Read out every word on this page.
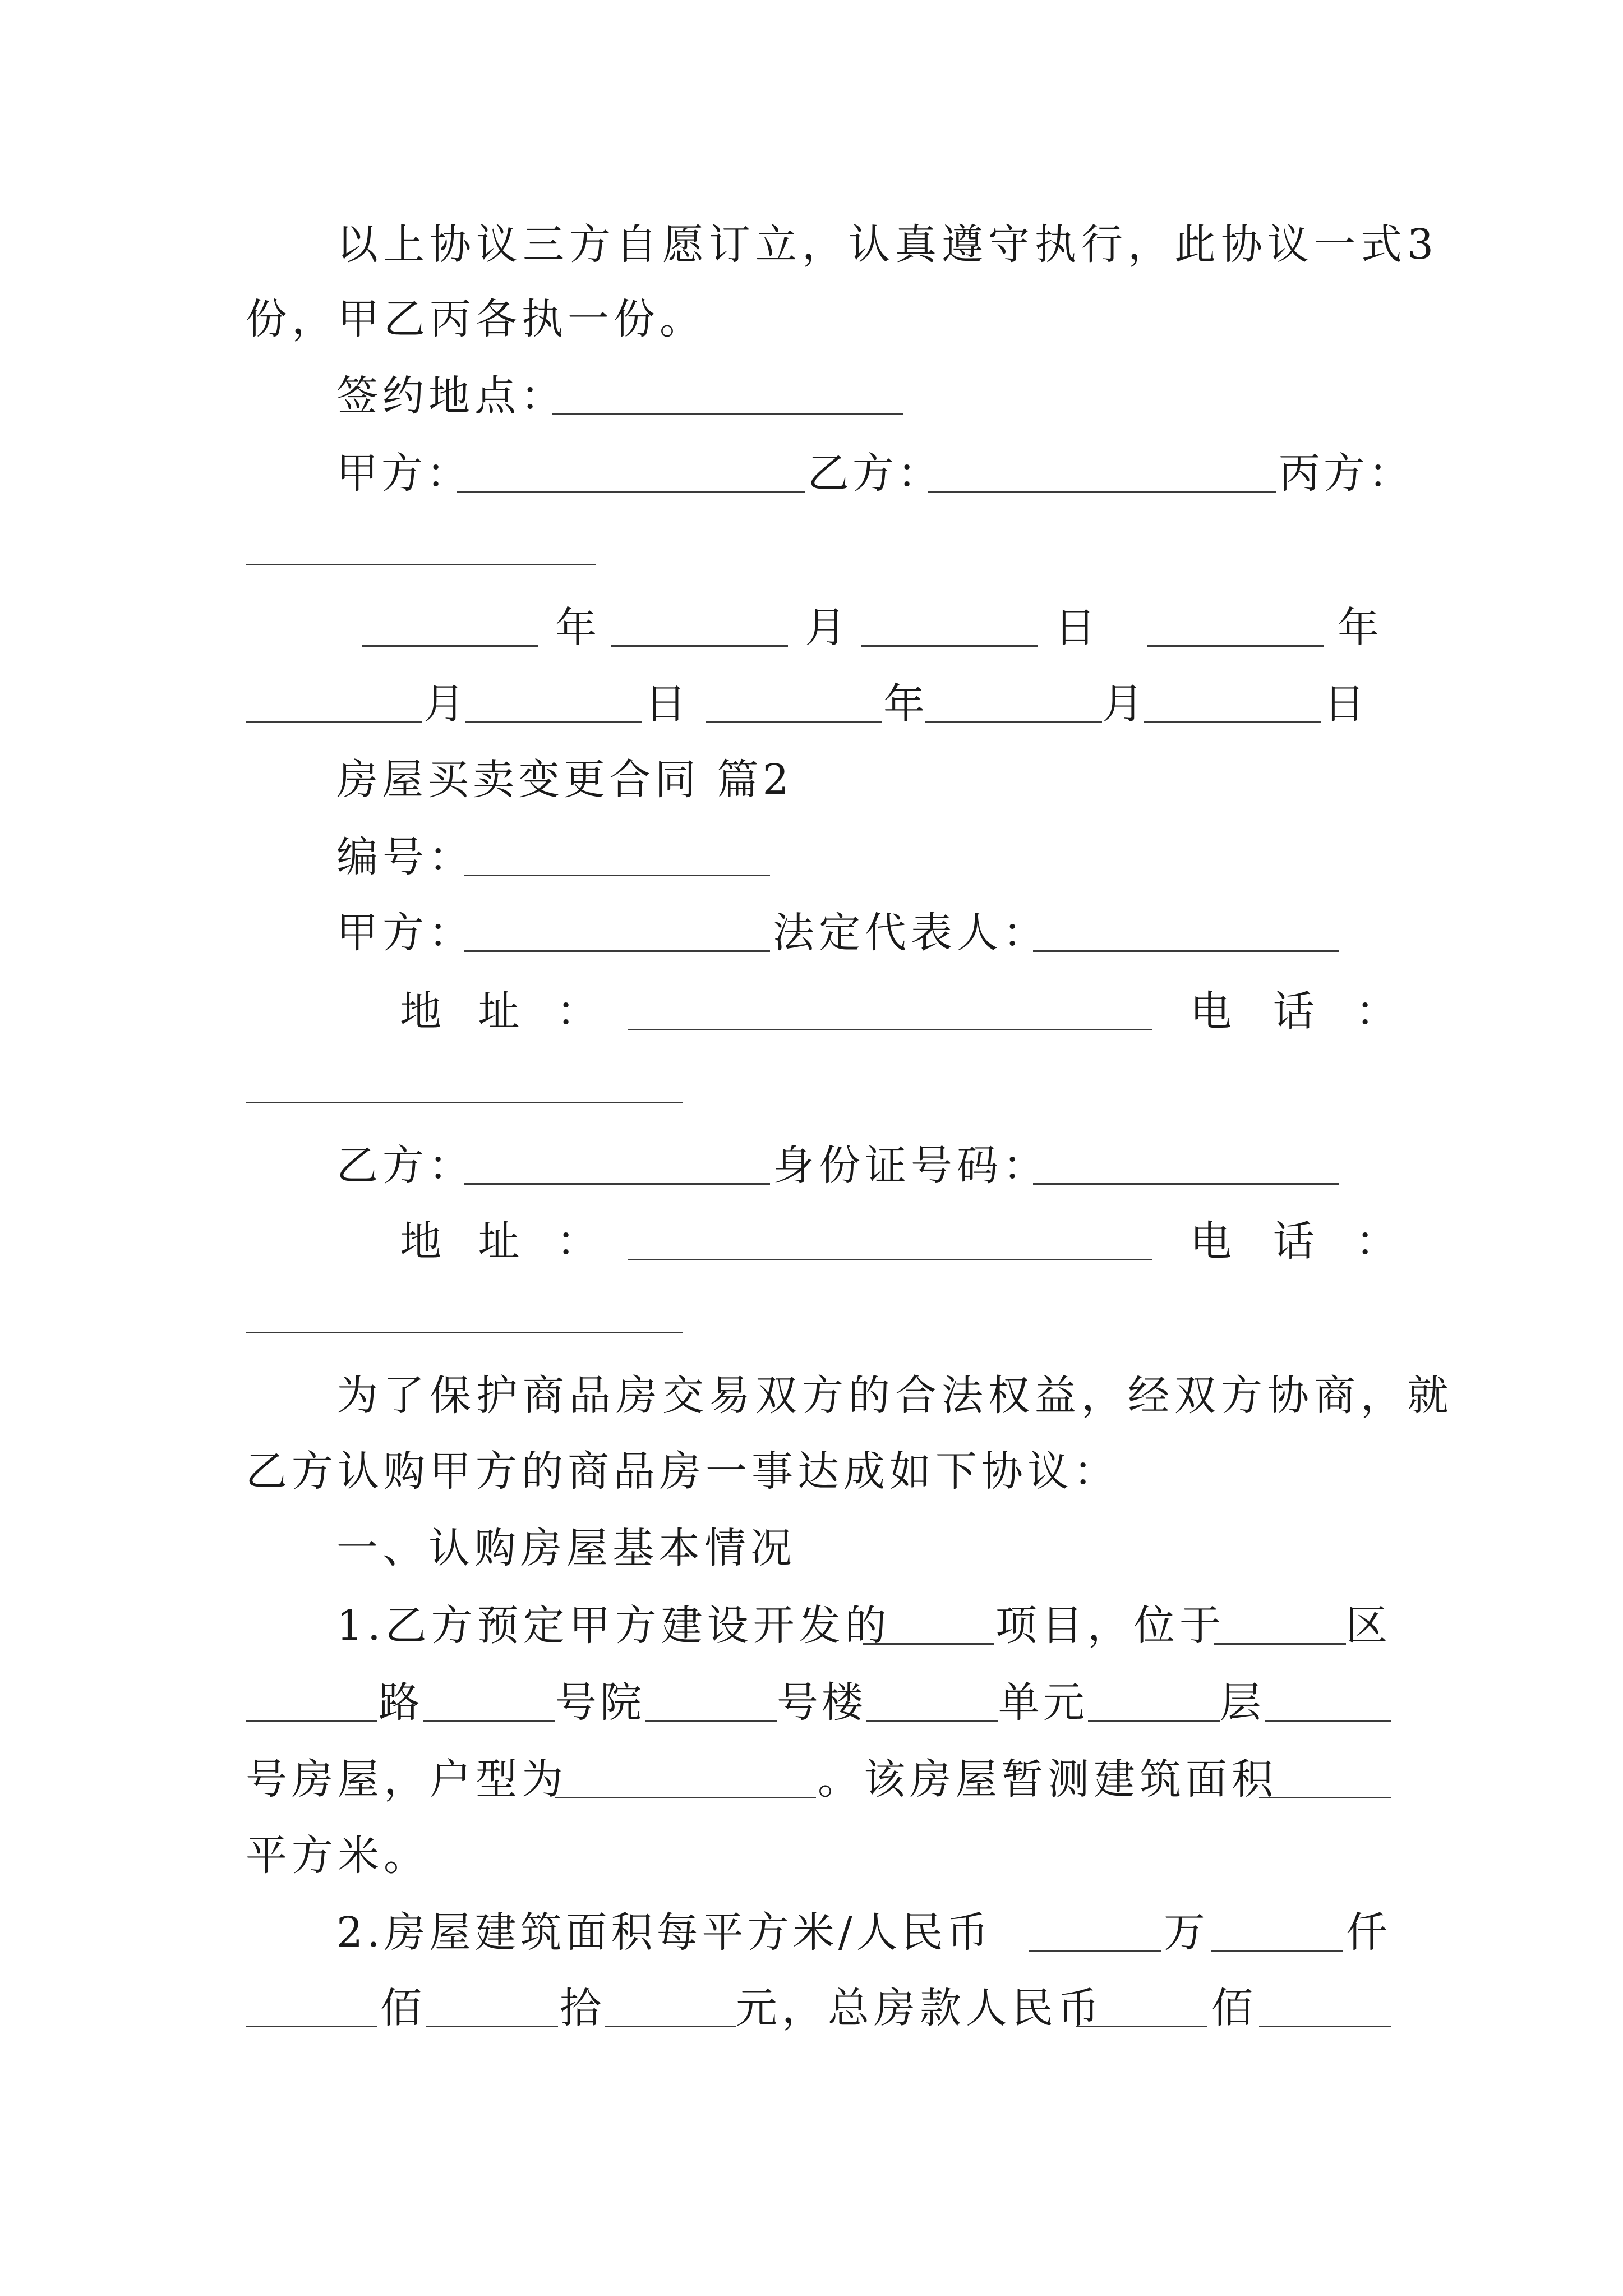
以上协议三方自愿订立，认真遵守执行，此协议一式3
份，甲乙丙各执一份。
签约地点：
甲方：	乙方：	丙方：
年	月	日	年
月	日	年	月	日
房屋买卖变更合同 篇2
编号：
甲方：	法定代表人：
地 址 ：	电 话 ：
乙方：	身份证号码：
地 址 ：	电 话 ：
为了保护商品房交易双方的合法权益，经双方协商，就
乙方认购甲方的商品房一事达成如下协议：
一、认购房屋基本情况
1.乙方预定甲方建设开发的	项目，位于	区
路	号院	号楼	单元	层
号房屋，户型为	。该房屋暂测建筑面积
平方米。
2.房屋建筑面积每平方米/人民币	万	仟
佰	拾	元，总房款人民币	佰
